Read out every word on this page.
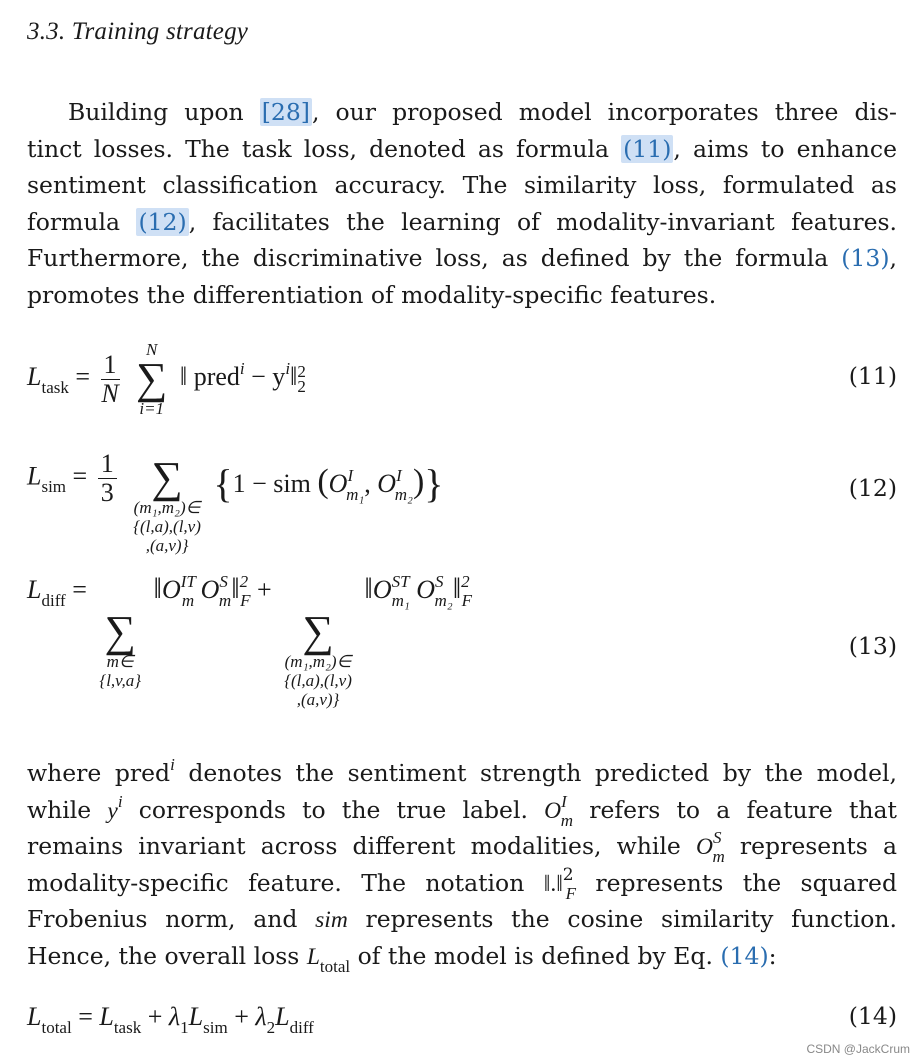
3.3. Training strategy
Building upon [28], our proposed model incorporates three dis-
tinct losses. The task loss, denoted as formula (11), aims to enhance
sentiment classification accuracy. The similarity loss, formulated as
formula (12), facilitates the learning of modality-invariant features.
Furthermore, the discriminative loss, as defined by the formula (13),
promotes the differentiation of modality-specific features.
$L_{task} = \frac{1}{N}$

N
∑
i=1
‖ pred$^i$ − $y^i‖$ 2
2	(11)
$L_{sim} = \frac{1}{3}$
∑
(m₁,m₂)∈
{(l,a),(l,v)
,(a,v)}
{1 − sim ($O^I_{m_1}$, $O^I_{m_2}$)}	(12)
$L_{diff}$ =
∑
m∈
{l,v,a}
$‖O^{IT}_m$ $O^S_m‖^2_F$ +
∑
(m₁,m₂)∈
{(l,a),(l,v)
,(a,v)}
$‖O^{ST}_{m_1}$ $O^S_{m_2}‖^2_F$
(13)
where pred$^i$ denotes the sentiment strength predicted by the model,
while $y^i$ corresponds to the true label. $O^I_m$ refers to a feature that
remains invariant across different modalities, while $O^S_m$ represents a
modality-specific feature. The notation ‖.‖$^2_F$ represents the squared
Frobenius norm, and sim represents the cosine similarity function.
Hence, the overall loss $L_{total}$ of the model is defined by Eq. (14):
$L_{total} = L_{task} + \lambda_1L_{sim} + \lambda_2L_{diff}$	(14)
CSDN @JackCrum
